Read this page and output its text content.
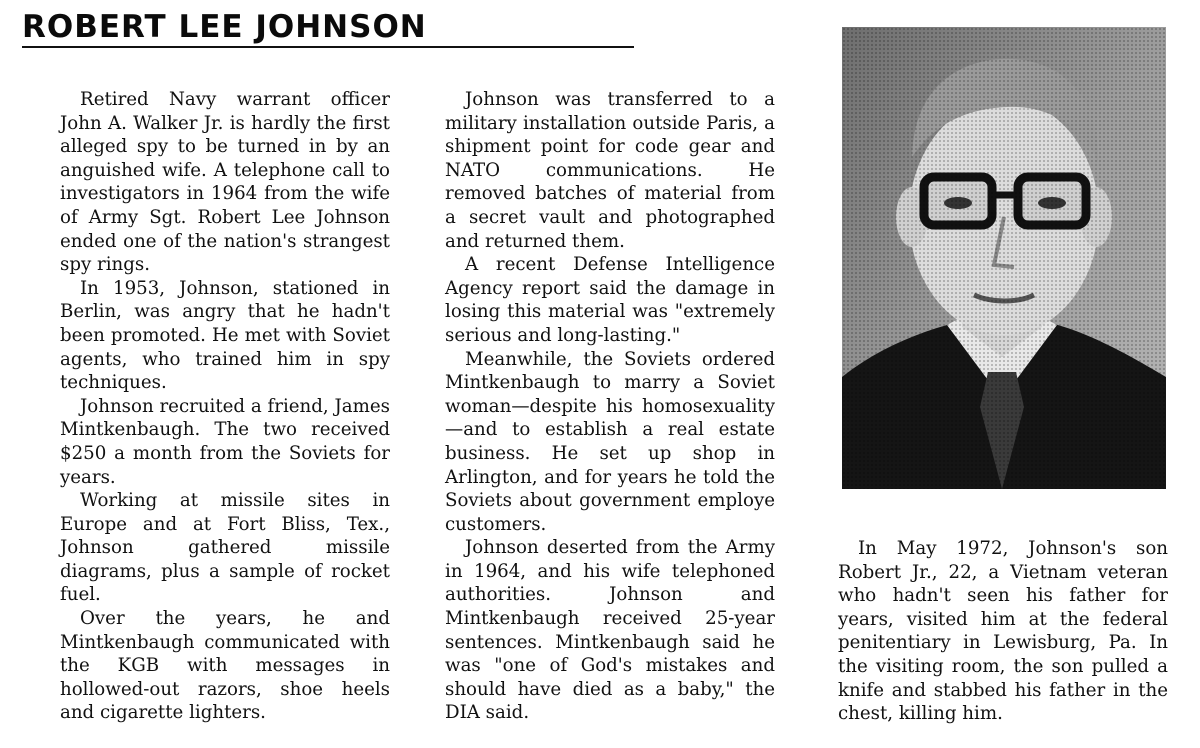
ROBERT LEE JOHNSON

Retired Navy warrant officer John A. Walker Jr. is hardly the first alleged spy to be turned in by an anguished wife. A telephone call to investigators in 1964 from the wife of Army Sgt. Robert Lee Johnson ended one of the nation's strangest spy rings.

In 1953, Johnson, stationed in Berlin, was angry that he hadn't been promoted. He met with Soviet agents, who trained him in spy techniques.

Johnson recruited a friend, James Mintkenbaugh. The two received $250 a month from the Soviets for years.

Working at missile sites in Europe and at Fort Bliss, Tex., Johnson gathered missile diagrams, plus a sample of rocket fuel.

Over the years, he and Mintkenbaugh communicated with the KGB with messages in hollowed-out razors, shoe heels and cigarette lighters.

Johnson was transferred to a military installation outside Paris, a shipment point for code gear and NATO communications. He removed batches of material from a secret vault and photographed and returned them.

A recent Defense Intelligence Agency report said the damage in losing this material was "extremely serious and long-lasting."

Meanwhile, the Soviets ordered Mintkenbaugh to marry a Soviet woman—despite his homosexuality—and to establish a real estate business. He set up shop in Arlington, and for years he told the Soviets about government employe customers.

Johnson deserted from the Army in 1964, and his wife telephoned authorities. Johnson and Mintkenbaugh received 25-year sentences. Mintkenbaugh said he was "one of God's mistakes and should have died as a baby," the DIA said.

In May 1972, Johnson's son Robert Jr., 22, a Vietnam veteran who hadn't seen his father for years, visited him at the federal penitentiary in Lewisburg, Pa. In the visiting room, the son pulled a knife and stabbed his father in the chest, killing him.
